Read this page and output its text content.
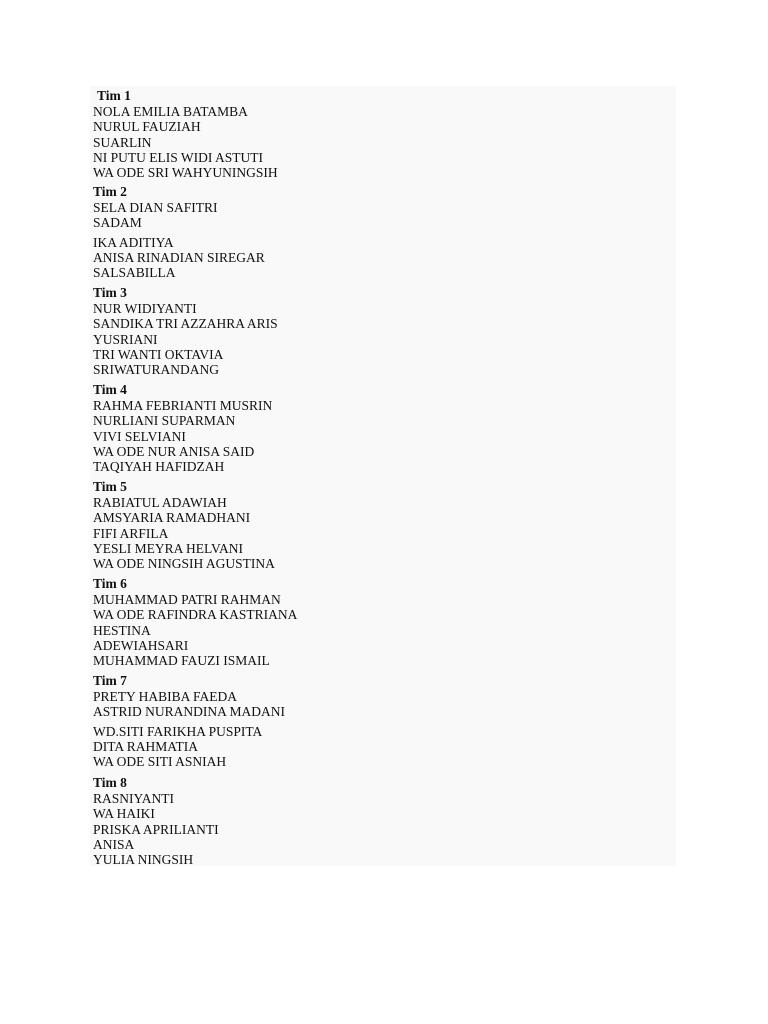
Tim 1
NOLA EMILIA BATAMBA
NURUL FAUZIAH
SUARLIN
NI PUTU ELIS WIDI ASTUTI
WA ODE SRI WAHYUNINGSIH
Tim 2
SELA DIAN SAFITRI
SADAM
IKA ADITIYA
ANISA RINADIAN SIREGAR
SALSABILLA
Tim 3
NUR WIDIYANTI
SANDIKA TRI AZZAHRA ARIS
YUSRIANI
TRI WANTI OKTAVIA
SRIWATURANDANG
Tim 4
RAHMA FEBRIANTI MUSRIN
NURLIANI SUPARMAN
VIVI SELVIANI
WA ODE NUR ANISA SAID
TAQIYAH HAFIDZAH
Tim 5
RABIATUL ADAWIAH
AMSYARIA RAMADHANI
FIFI ARFILA
YESLI MEYRA HELVANI
WA ODE NINGSIH AGUSTINA
Tim 6
MUHAMMAD PATRI RAHMAN
WA ODE RAFINDRA KASTRIANA
HESTINA
ADEWIAHSARI
MUHAMMAD FAUZI ISMAIL
Tim 7
PRETY HABIBA FAEDA
ASTRID NURANDINA MADANI
WD.SITI FARIKHA PUSPITA
DITA RAHMATIA
WA ODE SITI ASNIAH
Tim 8
RASNIYANTI
WA HAIKI
PRISKA APRILIANTI
ANISA
YULIA NINGSIH
